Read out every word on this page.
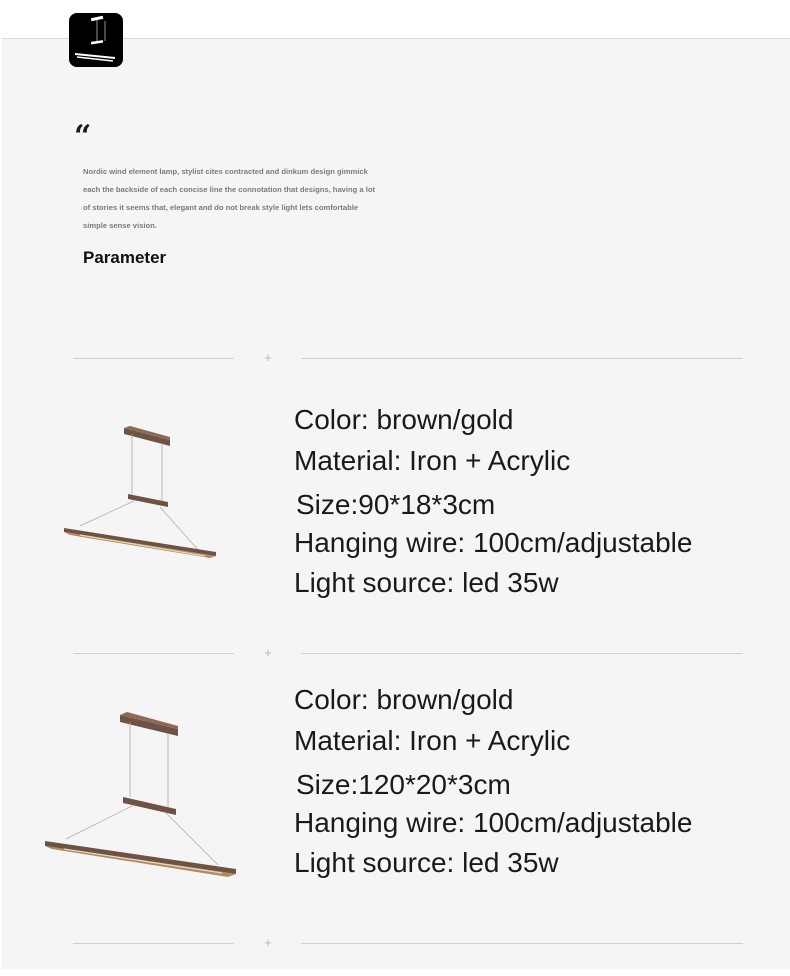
“
Nordic wind element lamp, stylist cites contracted and dinkum design gimmick
each the backside of each concise line the connotation that designs, having a lot
of stories it seems that, elegant and do not break style light lets comfortable
simple sense vision.
Parameter
+
Color: brown/gold
Material: Iron + Acrylic
Size:90*18*3cm
Hanging wire: 100cm/adjustable
Light source: led 35w
+
Color: brown/gold
Material: Iron + Acrylic
Size:120*20*3cm
Hanging wire: 100cm/adjustable
Light source: led 35w
+
